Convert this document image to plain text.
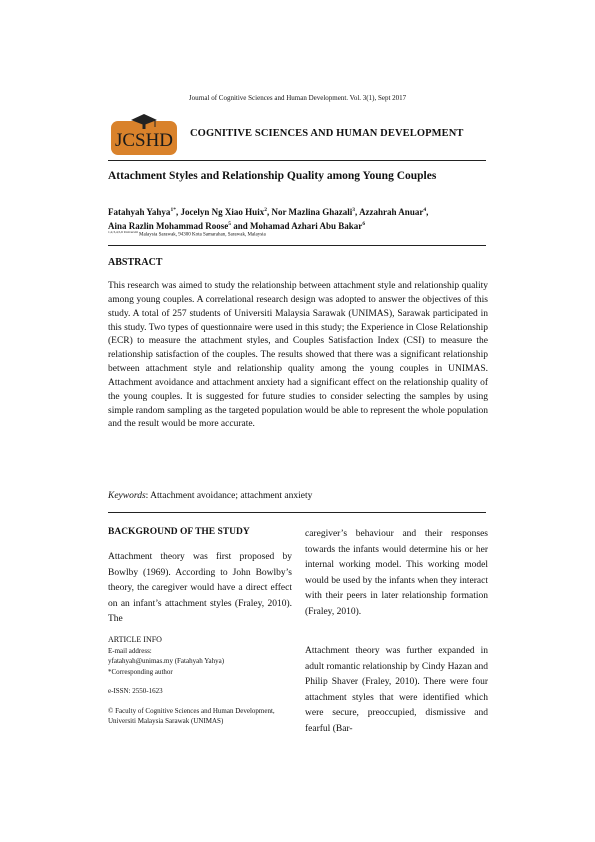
Journal of Cognitive Sciences and Human Development. Vol. 3(1), Sept 2017
JCSHD COGNITIVE SCIENCES AND HUMAN DEVELOPMENT
Attachment Styles and Relationship Quality among Young Couples
Fatahyah Yahya$^{1*}$, Jocelyn Ng Xiao Huix$^2$, Nor Mazlina Ghazali$^3$, Azzahrah Anuar$^4$,
Aina Razlin Mohammad Roose$^5$ and Mohamad Azhari Abu Bakar$^6$
$^{1,2,3,4,5,6 Universiti}$ Malaysia Sarawak, 94300 Kota Samarahan, Sarawak, Malaysia
ABSTRACT
This research was aimed to study the relationship between attachment style and relationship quality among young couples. A correlational research design was adopted to answer the objectives of this study. A total of 257 students of Universiti Malaysia Sarawak (UNIMAS), Sarawak participated in this study. Two types of questionnaire were used in this study; the Experience in Close Relationship (ECR) to measure the attachment styles, and Couples Satisfaction Index (CSI) to measure the relationship satisfaction of the couples. The results showed that there was a significant relationship between attachment style and relationship quality among the young couples in UNIMAS. Attachment avoidance and attachment anxiety had a significant effect on the relationship quality of the young couples. It is suggested for future studies to consider selecting the samples by using simple random sampling as the targeted population would be able to represent the whole population and the result would be more accurate.
Keywords: Attachment avoidance; attachment anxiety
BACKGROUND OF THE STUDY
Attachment theory was first proposed by Bowlby (1969). According to John Bowlby’s theory, the caregiver would have a direct effect on an infant’s attachment styles (Fraley, 2010). The
ARTICLE INFO
E-mail address:
yfatahyah@unimas.my (Fatahyah Yahya)
*Corresponding author
e-ISSN: 2550-1623
© Faculty of Cognitive Sciences and Human Development, Universiti Malaysia Sarawak (UNIMAS)
caregiver’s behaviour and their responses towards the infants would determine his or her internal working model. This working model would be used by the infants when they interact with their peers in later relationship formation (Fraley, 2010).
Attachment theory was further expanded in adult romantic relationship by Cindy Hazan and Philip Shaver (Fraley, 2010). There were four attachment styles that were identified which were secure, preoccupied, dismissive and fearful (Bar-
